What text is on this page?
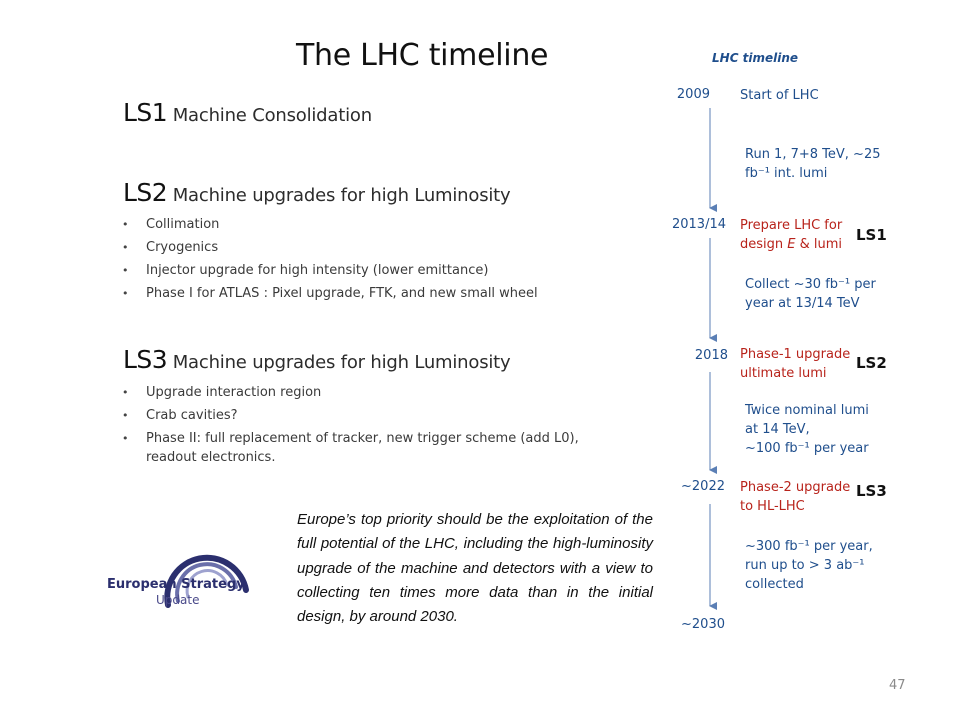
The LHC timeline
LS1 Machine Consolidation
LS2 Machine upgrades for high Luminosity
• Collimation
• Cryogenics
• Injector upgrade for high intensity (lower emittance)
• Phase I for ATLAS : Pixel upgrade, FTK, and new small wheel
LS3 Machine upgrades for high Luminosity
• Upgrade interaction region
• Crab cavities?
• Phase II: full replacement of tracker, new trigger scheme (add L0), readout electronics.
European Strategy
Update

Europe’s top priority should be the exploitation of the full potential of the LHC, including the high-luminosity upgrade of the machine and detectors with a view to collecting ten times more data than in the initial design, by around 2030.

LHC timeline
2009 Start of LHC
2013/14 Prepare LHC for
design E & lumi
LS1
2018 Phase-1 upgrade
ultimate lumi
LS2
~2022 Phase-2 upgrade
to HL-LHC
LS3
~2030
Run 1, 7+8 TeV, ~25
fb⁻¹ int. lumi
Collect ~30 fb⁻¹ per
year at 13/14 TeV
Twice nominal lumi
at 14 TeV,
~100 fb⁻¹ per year
~300 fb⁻¹ per year,
run up to > 3 ab⁻¹
collected
47
